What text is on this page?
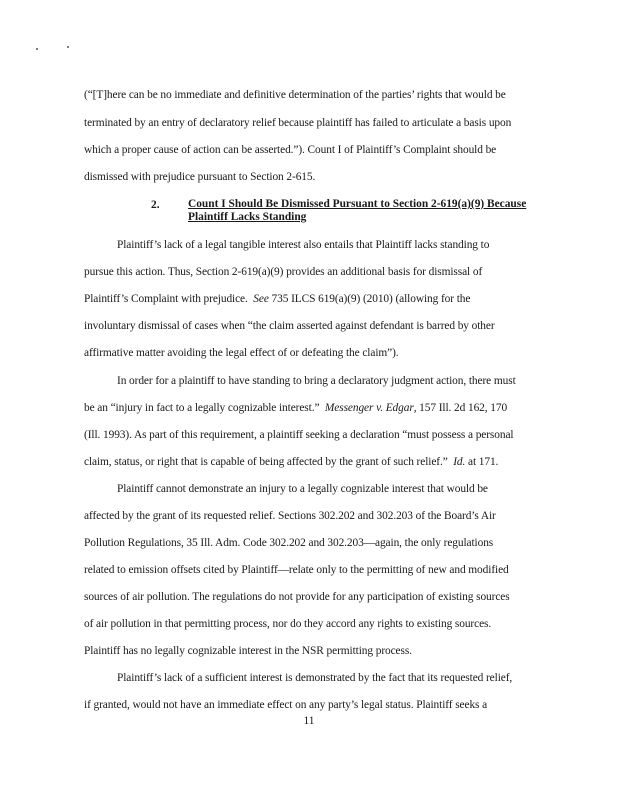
(“[T]here can be no immediate and definitive determination of the parties’ rights that would be
terminated by an entry of declaratory relief because plaintiff has failed to articulate a basis upon
which a proper cause of action can be asserted.”). Count I of Plaintiff’s Complaint should be
dismissed with prejudice pursuant to Section 2-615.
2. Count I Should Be Dismissed Pursuant to Section 2-619(a)(9) Because
Plaintiff Lacks Standing
Plaintiff’s lack of a legal tangible interest also entails that Plaintiff lacks standing to
pursue this action. Thus, Section 2-619(a)(9) provides an additional basis for dismissal of
Plaintiff’s Complaint with prejudice. See 735 ILCS 619(a)(9) (2010) (allowing for the
involuntary dismissal of cases when “the claim asserted against defendant is barred by other
affirmative matter avoiding the legal effect of or defeating the claim”).
In order for a plaintiff to have standing to bring a declaratory judgment action, there must
be an “injury in fact to a legally cognizable interest.” Messenger v. Edgar, 157 Ill. 2d 162, 170
(Ill. 1993). As part of this requirement, a plaintiff seeking a declaration “must possess a personal
claim, status, or right that is capable of being affected by the grant of such relief.” Id. at 171.
Plaintiff cannot demonstrate an injury to a legally cognizable interest that would be
affected by the grant of its requested relief. Sections 302.202 and 302.203 of the Board’s Air
Pollution Regulations, 35 Ill. Adm. Code 302.202 and 302.203—again, the only regulations
related to emission offsets cited by Plaintiff—relate only to the permitting of new and modified
sources of air pollution. The regulations do not provide for any participation of existing sources
of air pollution in that permitting process, nor do they accord any rights to existing sources.
Plaintiff has no legally cognizable interest in the NSR permitting process.
Plaintiff’s lack of a sufficient interest is demonstrated by the fact that its requested relief,
if granted, would not have an immediate effect on any party’s legal status. Plaintiff seeks a
11
